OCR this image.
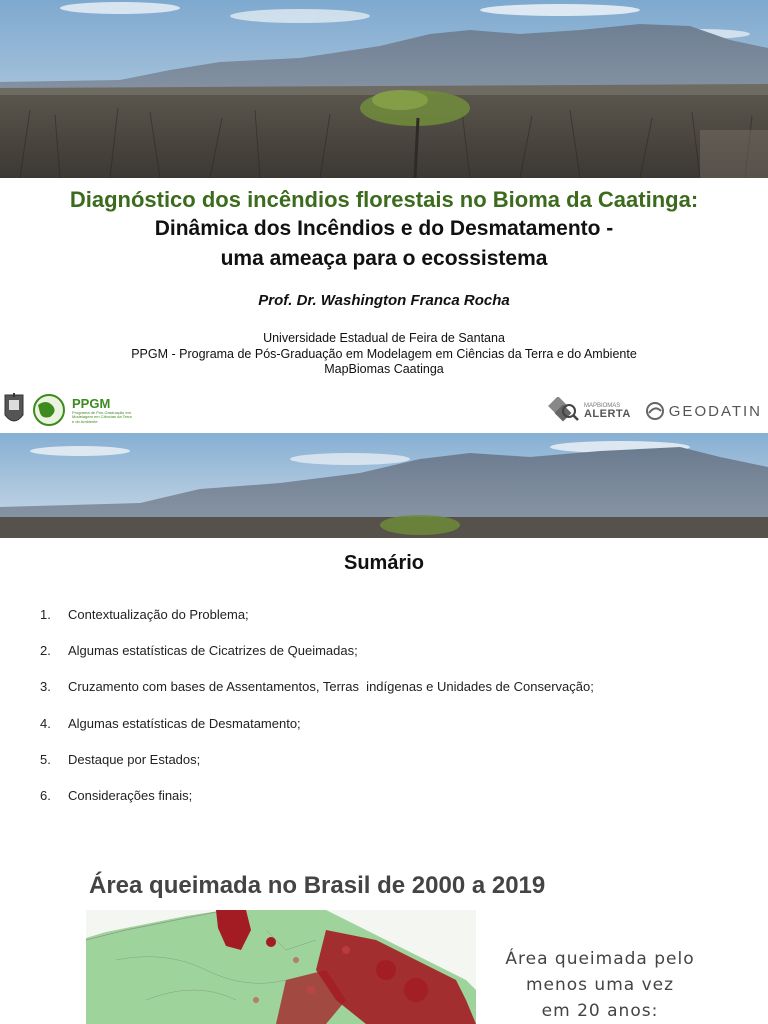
Diagnóstico dos incêndios florestais no Bioma da Caatinga:
Dinâmica dos Incêndios e do Desmatamento -
uma ameaça para o ecossistema
Prof. Dr. Washington Franca Rocha
Universidade Estadual de Feira de Santana
PPGM - Programa de Pós-Graduação em Modelagem em Ciências da Terra e do Ambiente
MapBiomas Caatinga
PPGM
Programa de Pós-Graduação em Modelagem em Ciências da Terra e do Ambiente
MAPBIOMAS
ALERTA	GEODATIN
Sumário
1.	Contextualização do Problema;
2.	Algumas estatísticas de Cicatrizes de Queimadas;
3.	Cruzamento com bases de Assentamentos, Terras  indígenas e Unidades de Conservação;
4.	Algumas estatísticas de Desmatamento;
5.	Destaque por Estados;
6.	Considerações finais;
Área queimada no Brasil de 2000 a 2019
Área queimada pelo
menos uma vez
em 20 anos:
